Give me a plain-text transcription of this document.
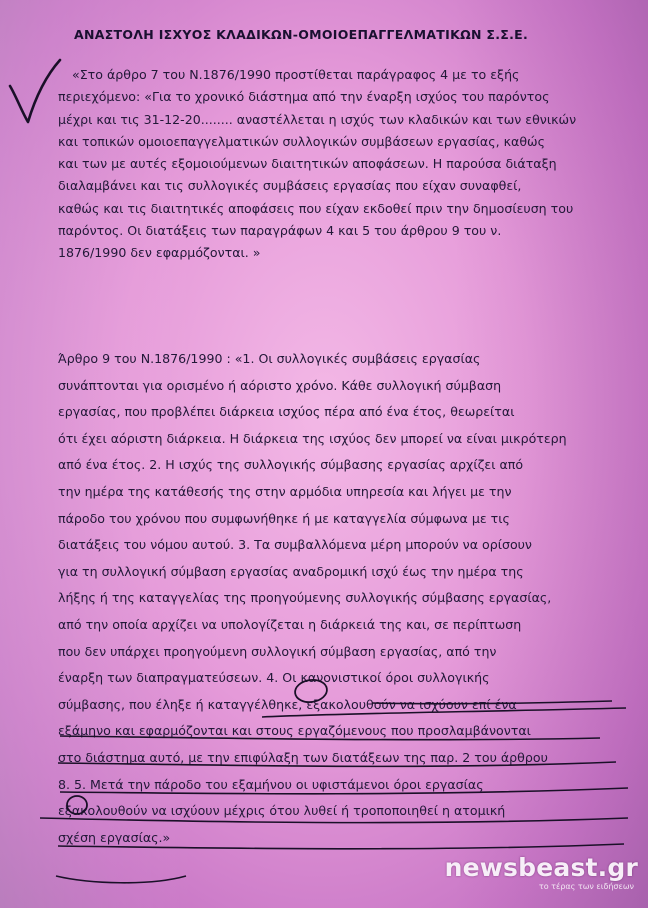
ΑΝΑΣΤΟΛΗ ΙΣΧΥΟΣ ΚΛΑΔΙΚΩΝ-ΟΜΟΙΟΕΠΑΓΓΕΛΜΑΤΙΚΩΝ Σ.Σ.Ε.
«Στο άρθρο 7 του Ν.1876/1990 προστίθεται παράγραφος 4 με το εξής
περιεχόμενο: «Για το χρονικό διάστημα από την έναρξη ισχύος του παρόντος
μέχρι και τις 31-12-20........ αναστέλλεται η ισχύς των κλαδικών και των εθνικών
και τοπικών ομοιοεπαγγελματικών συλλογικών συμβάσεων εργασίας, καθώς
και των με αυτές εξομοιούμενων διαιτητικών αποφάσεων. Η παρούσα διάταξη
διαλαμβάνει και τις συλλογικές συμβάσεις εργασίας που είχαν συναφθεί,
καθώς και τις διαιτητικές αποφάσεις που είχαν εκδοθεί πριν την δημοσίευση του
παρόντος. Οι διατάξεις των παραγράφων 4 και 5 του άρθρου 9 του ν.
1876/1990 δεν εφαρμόζονται. »
Άρθρο 9 του Ν.1876/1990 : «1. Οι συλλογικές συμβάσεις εργασίας
συνάπτονται για ορισμένο ή αόριστο χρόνο. Κάθε συλλογική σύμβαση
εργασίας, που προβλέπει διάρκεια ισχύος πέρα από ένα έτος, θεωρείται
ότι έχει αόριστη διάρκεια. Η διάρκεια της ισχύος δεν μπορεί να είναι μικρότερη
από ένα έτος. 2. Η ισχύς της συλλογικής σύμβασης εργασίας αρχίζει από
την ημέρα της κατάθεσής της στην αρμόδια υπηρεσία και λήγει με την
πάροδο του χρόνου που συμφωνήθηκε ή με καταγγελία σύμφωνα με τις
διατάξεις του νόμου αυτού. 3. Τα συμβαλλόμενα μέρη μπορούν να ορίσουν
για τη συλλογική σύμβαση εργασίας αναδρομική ισχύ έως την ημέρα της
λήξης ή της καταγγελίας της προηγούμενης συλλογικής σύμβασης εργασίας,
από την οποία αρχίζει να υπολογίζεται η διάρκειά της και, σε περίπτωση
που δεν υπάρχει προηγούμενη συλλογική σύμβαση εργασίας, από την
έναρξη των διαπραγματεύσεων. 4. Οι κανονιστικοί όροι συλλογικής
σύμβασης, που έληξε ή καταγγέλθηκε, εξακολουθούν να ισχύουν επί ένα
εξάμηνο και εφαρμόζονται και στους εργαζόμενους που προσλαμβάνονται
στο διάστημα αυτό, με την επιφύλαξη των διατάξεων της παρ. 2 του άρθρου
8. 5. Μετά την πάροδο του εξαμήνου οι υφιστάμενοι όροι εργασίας
εξακολουθούν να ισχύουν μέχρις ότου λυθεί ή τροποποιηθεί η ατομική
σχέση εργασίας.»
newsbeast.gr
το τέρας των ειδήσεων
